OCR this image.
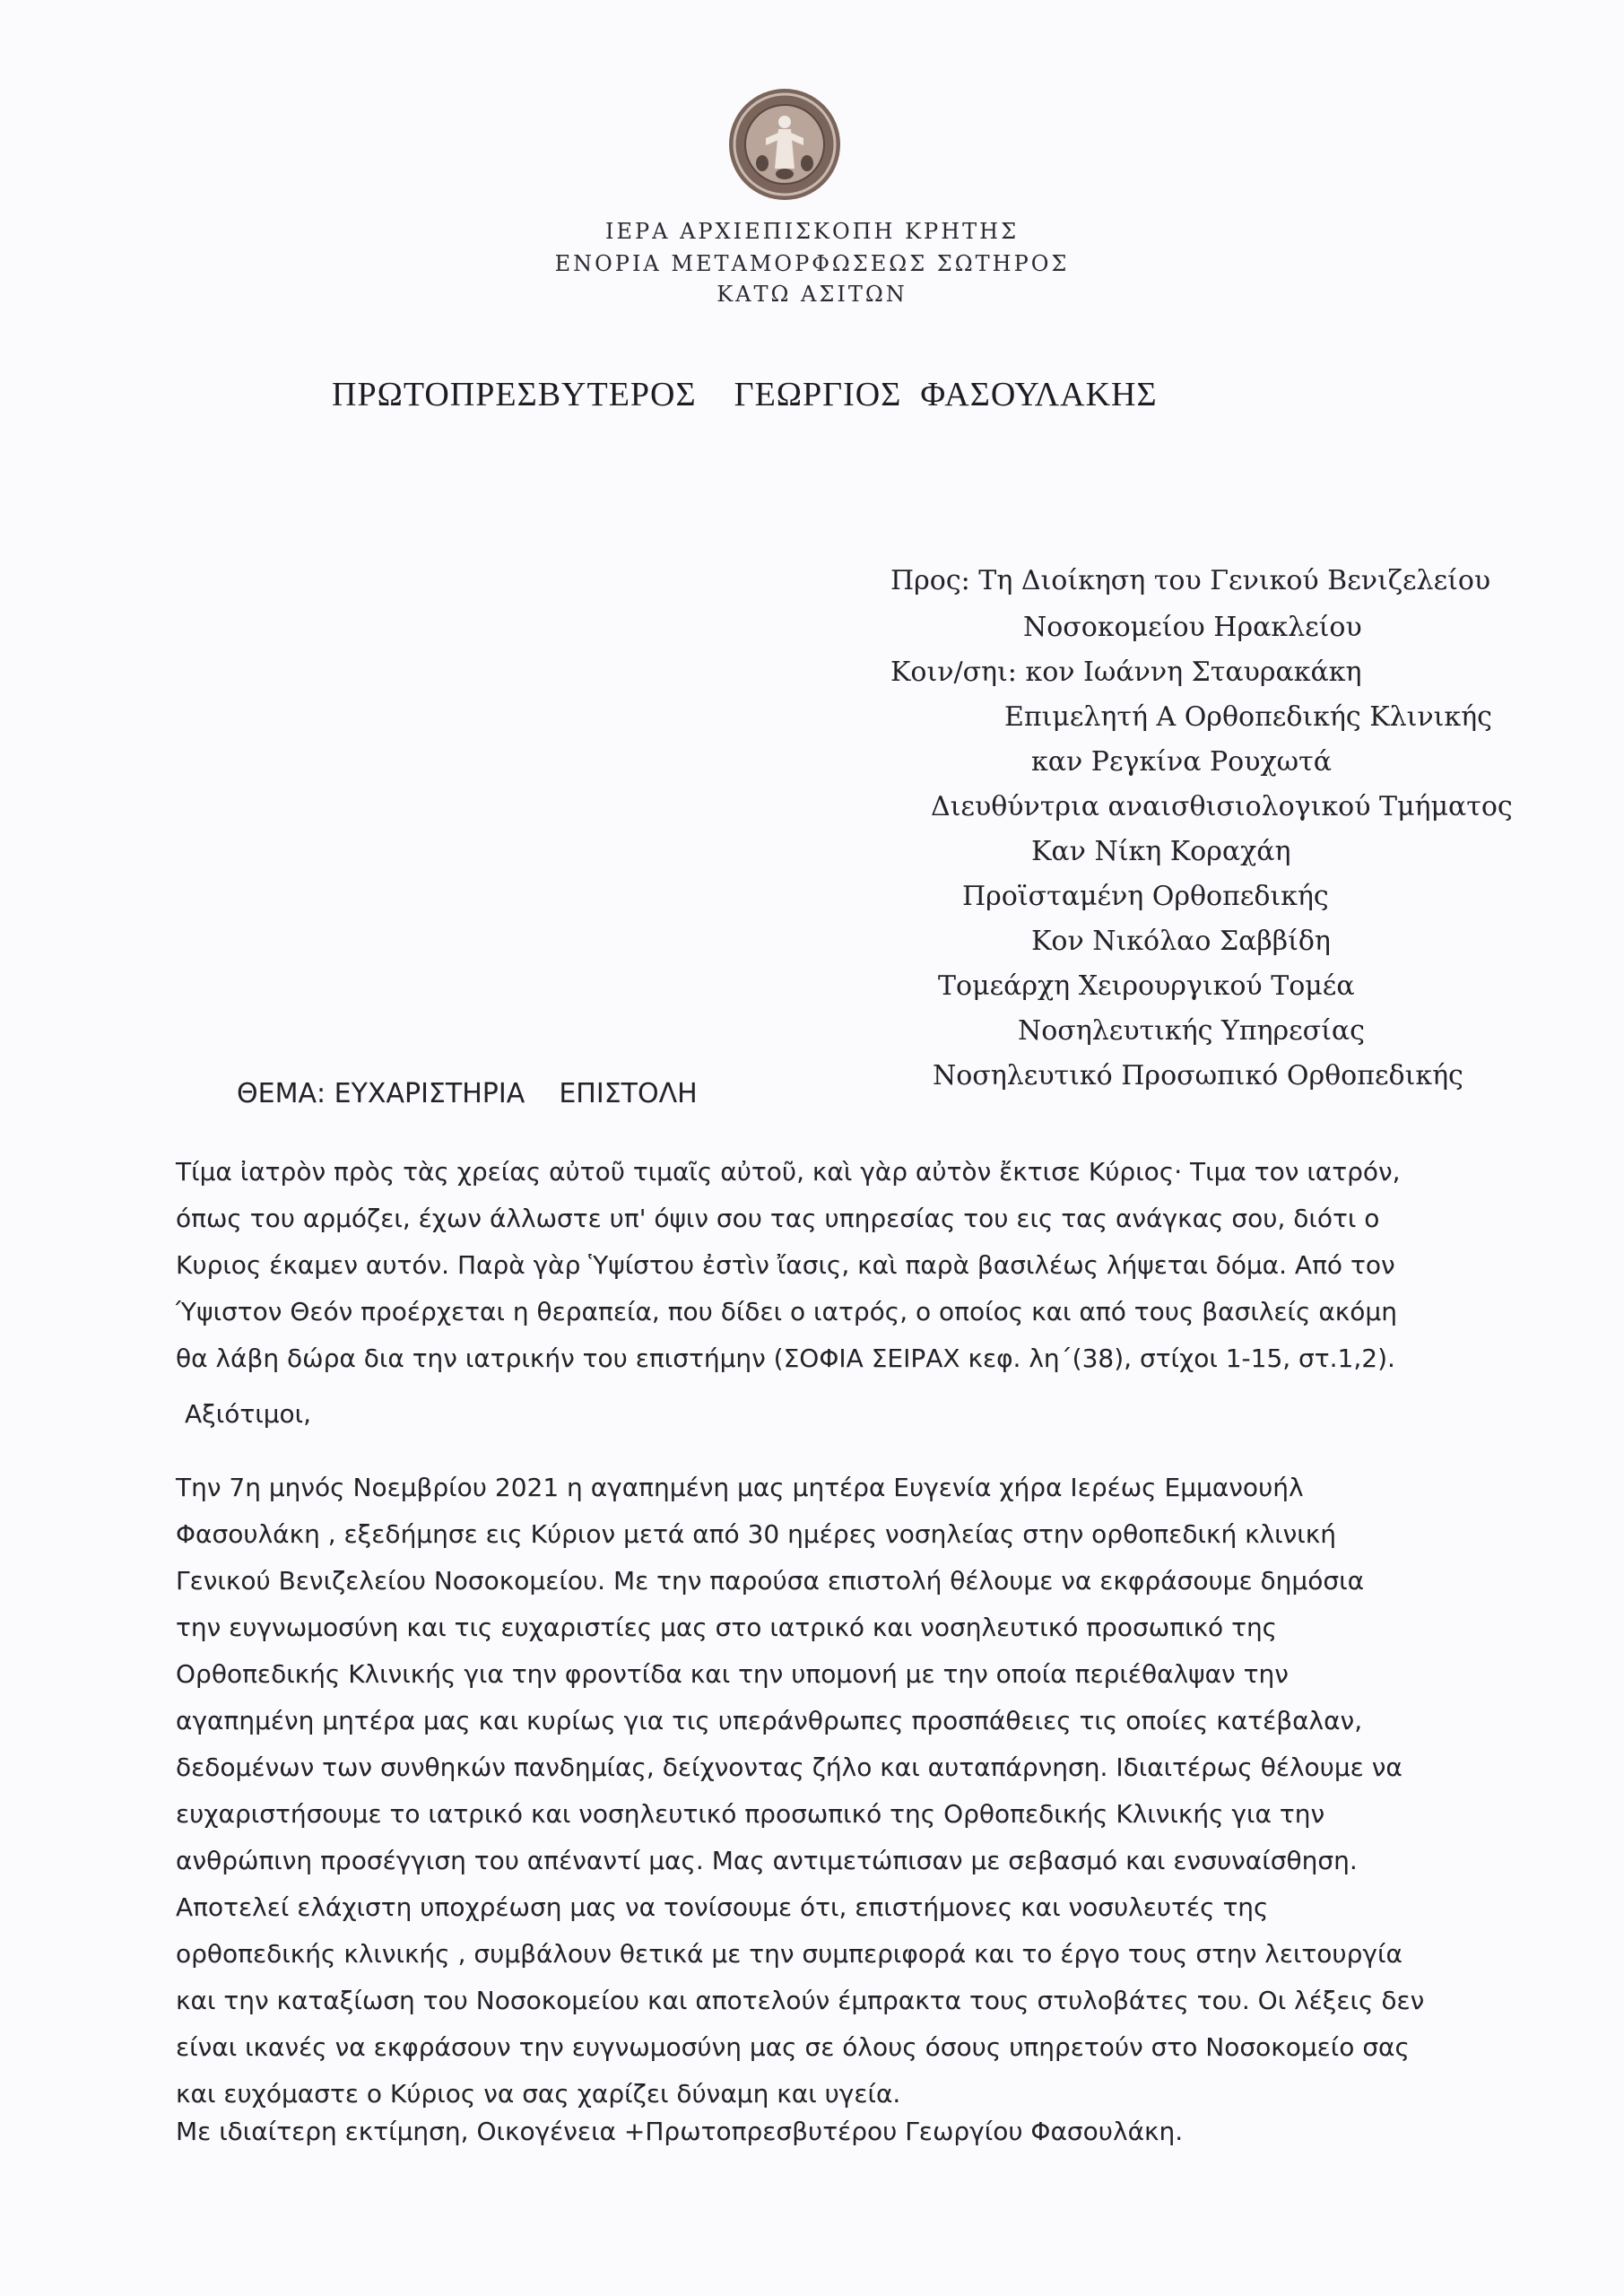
ΙΕΡΑ ΑΡΧΙΕΠΙΣΚΟΠΗ ΚΡΗΤΗΣ
ΕΝΟΡΙΑ ΜΕΤΑΜΟΡΦΩΣΕΩΣ ΣΩΤΗΡΟΣ
ΚΑΤΩ ΑΣΙΤΩΝ
ΠΡΩΤΟΠΡΕΣΒΥΤΕΡΟΣ    ΓΕΩΡΓΙΟΣ  ΦΑΣΟΥΛΑΚΗΣ
Προς: Τη Διοίκηση του Γενικού Βενιζελείου
Νοσοκομείου Ηρακλείου
Κοιν/σηι: κον Ιωάννη Σταυρακάκη
Επιμελητή Α Ορθοπεδικής Κλινικής
καν Ρεγκίνα Ρουχωτά
Διευθύντρια αναισθισιολογικού Τμήματος
Καν Νίκη Κοραχάη
Προϊσταμένη Ορθοπεδικής
Κον Νικόλαο Σαββίδη
Τομεάρχη Χειρουργικού Τομέα
Νοσηλευτικής Υπηρεσίας
Νοσηλευτικό Προσωπικό Ορθοπεδικής
ΘΕΜΑ: ΕΥΧΑΡΙΣΤΗΡΙΑ    ΕΠΙΣΤΟΛΗ
Τίμα ἰατρὸν πρὸς τὰς χρείας αὐτοῦ τιμαῖς αὐτοῦ, καὶ γὰρ αὐτὸν ἔκτισε Κύριος· Τιμα τον ιατρόν,
όπως του αρμόζει, έχων άλλωστε υπ' όψιν σου τας υπηρεσίας του εις τας ανάγκας σου, διότι ο
Κυριος έκαμεν αυτόν. Παρὰ γὰρ Ὑψίστου ἐστὶν ἴασις, καὶ παρὰ βασιλέως λήψεται δόμα. Από τον
Ύψιστον Θεόν προέρχεται η θεραπεία, που δίδει ο ιατρός, ο οποίος και από τους βασιλείς ακόμη
θα λάβη δώρα δια την ιατρικήν του επιστήμην (ΣΟΦΙΑ ΣΕΙΡΑΧ κεφ. λη΄(38), στίχοι 1-15, στ.1,2).
Αξιότιμοι,
Την 7η μηνός Νοεμβρίου 2021 η αγαπημένη μας μητέρα Ευγενία χήρα Ιερέως Εμμανουήλ
Φασουλάκη , εξεδήμησε εις Κύριον μετά από 30 ημέρες νοσηλείας στην ορθοπεδική κλινική
Γενικού Βενιζελείου Νοσοκομείου. Με την παρούσα επιστολή θέλουμε να εκφράσουμε δημόσια
την ευγνωμοσύνη και τις ευχαριστίες μας στο ιατρικό και νοσηλευτικό προσωπικό της
Ορθοπεδικής Κλινικής για την φροντίδα και την υπομονή με την οποία περιέθαλψαν την
αγαπημένη μητέρα μας και κυρίως για τις υπεράνθρωπες προσπάθειες τις οποίες κατέβαλαν,
δεδομένων των συνθηκών πανδημίας, δείχνοντας ζήλο και αυταπάρνηση. Ιδιαιτέρως θέλουμε να
ευχαριστήσουμε το ιατρικό και νοσηλευτικό προσωπικό της Ορθοπεδικής Κλινικής για την
ανθρώπινη προσέγγιση του απέναντί μας. Μας αντιμετώπισαν με σεβασμό και ενσυναίσθηση.
Αποτελεί ελάχιστη υποχρέωση μας να τονίσουμε ότι, επιστήμονες και νοσυλευτές της
ορθοπεδικής κλινικής , συμβάλουν θετικά με την συμπεριφορά και το έργο τους στην λειτουργία
και την καταξίωση του Νοσοκομείου και αποτελούν έμπρακτα τους στυλοβάτες του. Οι λέξεις δεν
είναι ικανές να εκφράσουν την ευγνωμοσύνη μας σε όλους όσους υπηρετούν στο Νοσοκομείο σας
και ευχόμαστε ο Κύριος να σας χαρίζει δύναμη και υγεία.
Με ιδιαίτερη εκτίμηση, Οικογένεια +Πρωτοπρεσβυτέρου Γεωργίου Φασουλάκη.
